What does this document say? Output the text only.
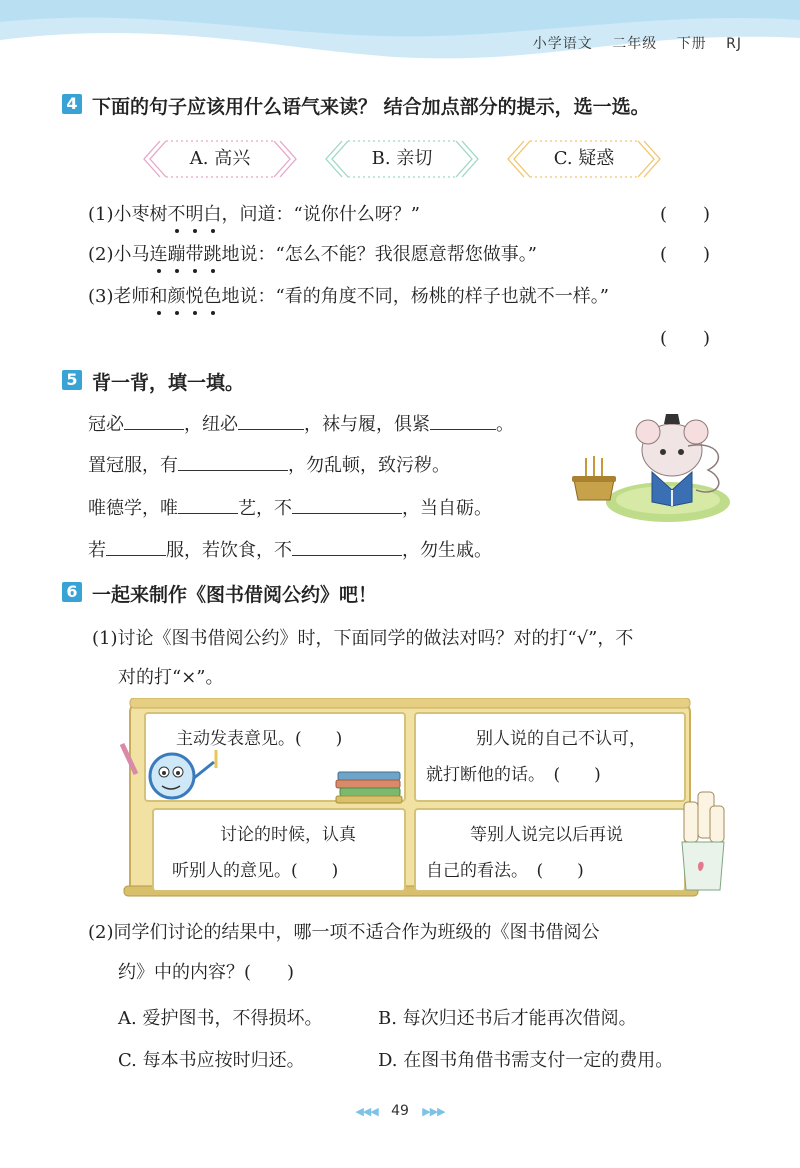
小学语文 二年级 下册 RJ
4 下面的句子应该用什么语气来读？ 结合加点部分的提示，选一选。
A. 高兴	B. 亲切	C. 疑惑
(1)小枣树不明白，问道：“说你什么呀？”	(　　)
(2)小马连蹦带跳地说：“怎么不能？我很愿意帮您做事。”	(　　)
(3)老师和颜悦色地说：“看的角度不同，杨桃的样子也就不一样。”
(　　)
5 背一背，填一填。
冠必	，纽必	，袜与履，俱紧	。
置冠服，有	，勿乱顿，致污秽。
唯德学，唯	艺，不	，当自砺。
若	服，若饮食，不	，勿生戚。
6 一起来制作《图书借阅公约》吧！
(1)讨论《图书借阅公约》时，下面同学的做法对吗？对的打“√”，不
对的打“×”。
主动发表意见。(　　)	别人说的自己不认可，
就打断他的话。　(　　)
讨论的时候，认真
听别人的意见。(　　)
等别人说完以后再说
自己的看法。　(　　)
(2)同学们讨论的结果中，哪一项不适合作为班级的《图书借阅公
约》中的内容？(　　)
A. 爱护图书，不得损坏。	B. 每次归还书后才能再次借阅。
C. 每本书应按时归还。	D. 在图书角借书需支付一定的费用。
◀◀◀ 49 ▶▶▶
